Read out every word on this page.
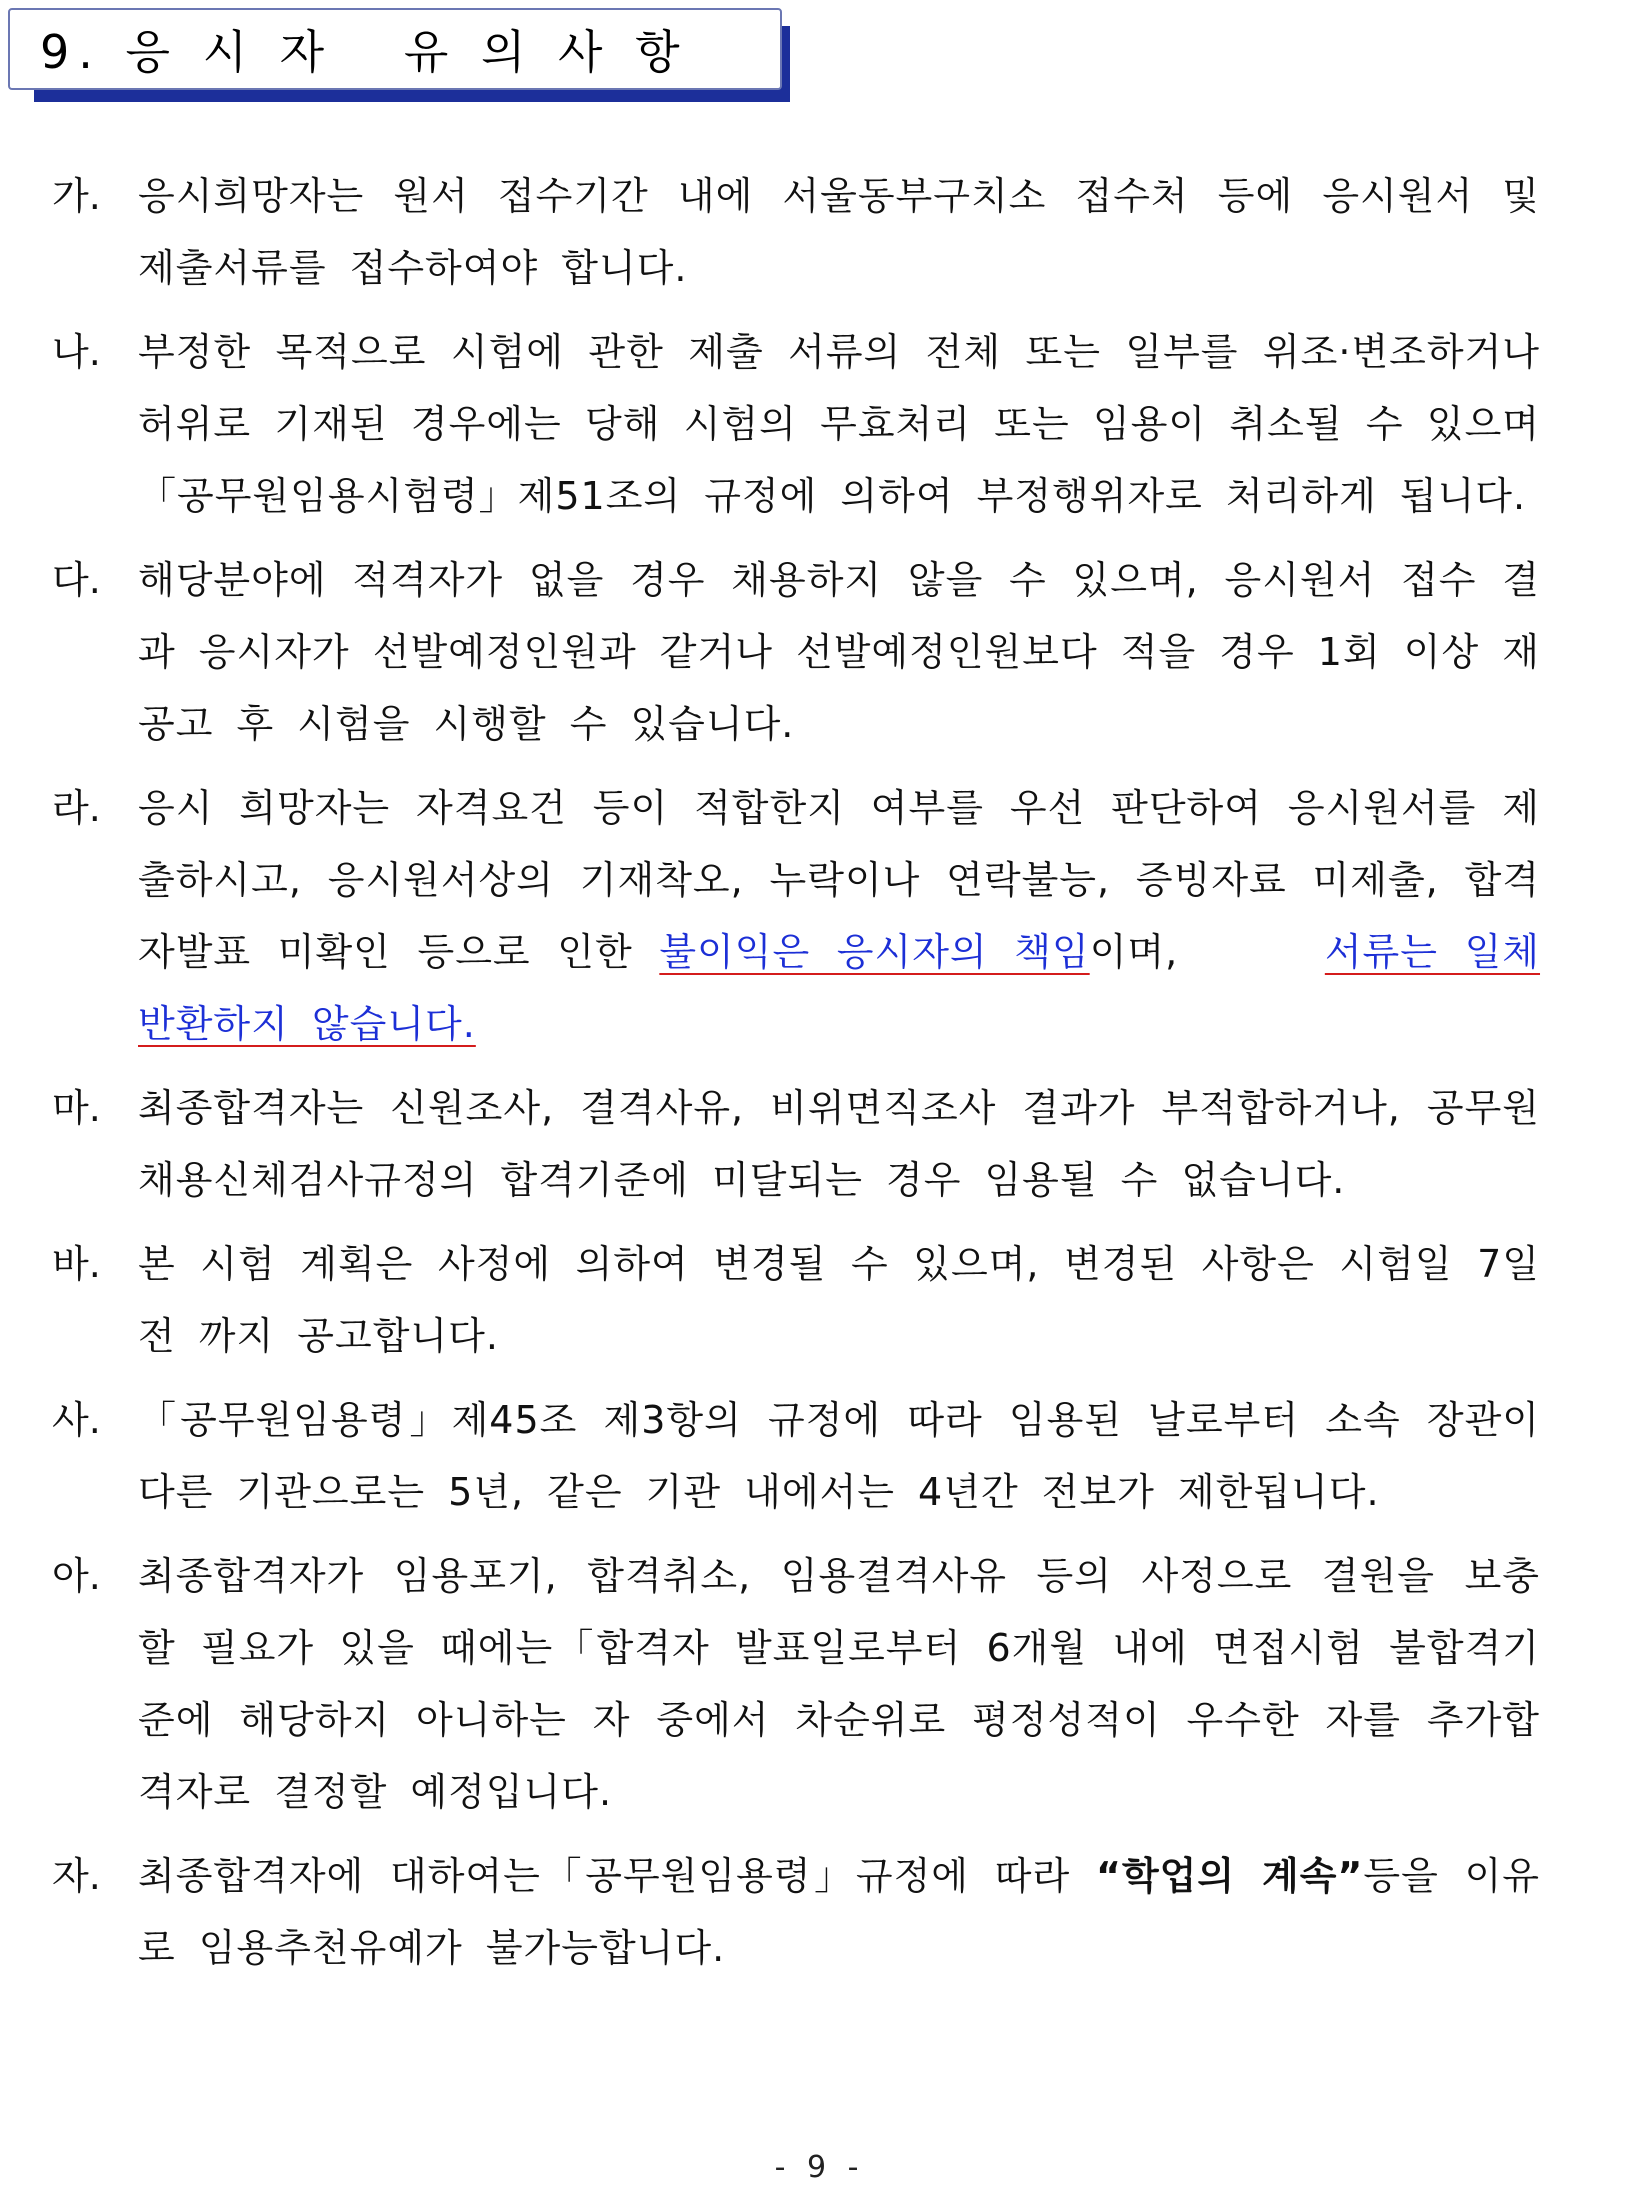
9. 응 시 자   유 의 사 항
가. 응시희망자는 원서 접수기간 내에 서울동부구치소 접수처 등에 응시원서 및 제출서류를 접수하여야 합니다.
나. 부정한 목적으로 시험에 관한 제출 서류의 전체 또는 일부를 위조·변조하거나 허위로 기재된 경우에는 당해 시험의 무효처리 또는 임용이 취소될 수 있으며「공무원임용시험령」제51조의 규정에 의하여 부정행위자로 처리하게 됩니다.
다. 해당분야에 적격자가 없을 경우 채용하지 않을 수 있으며, 응시원서 접수 결과 응시자가 선발예정인원과 같거나 선발예정인원보다 적을 경우 1회 이상 재공고 후 시험을 시행할 수 있습니다.
라. 응시 희망자는 자격요건 등이 적합한지 여부를 우선 판단하여 응시원서를 제출하시고, 응시원서상의 기재착오, 누락이나 연락불능, 증빙자료 미제출, 합격자발표 미확인 등으로 인한 불이익은 응시자의 책임이며,	서류는 일체 반환하지 않습니다.
마. 최종합격자는 신원조사, 결격사유, 비위면직조사 결과가 부적합하거나, 공무원채용신체검사규정의 합격기준에 미달되는 경우 임용될 수 없습니다.
바. 본 시험 계획은 사정에 의하여 변경될 수 있으며, 변경된 사항은 시험일 7일전 까지 공고합니다.
사. 「공무원임용령」제45조 제3항의 규정에 따라 임용된 날로부터 소속 장관이 다른 기관으로는 5년, 같은 기관 내에서는 4년간 전보가 제한됩니다.
아. 최종합격자가 임용포기, 합격취소, 임용결격사유 등의 사정으로 결원을 보충 할 필요가 있을 때에는「합격자 발표일로부터 6개월 내에 면접시험 불합격기준에 해당하지 아니하는 자 중에서 차순위로 평정성적이 우수한 자를 추가합격자로 결정할 예정입니다.
자. 최종합격자에 대하여는「공무원임용령」규정에 따라 “학업의 계속”등을 이유로 임용추천유예가 불가능합니다.
- 9 -
